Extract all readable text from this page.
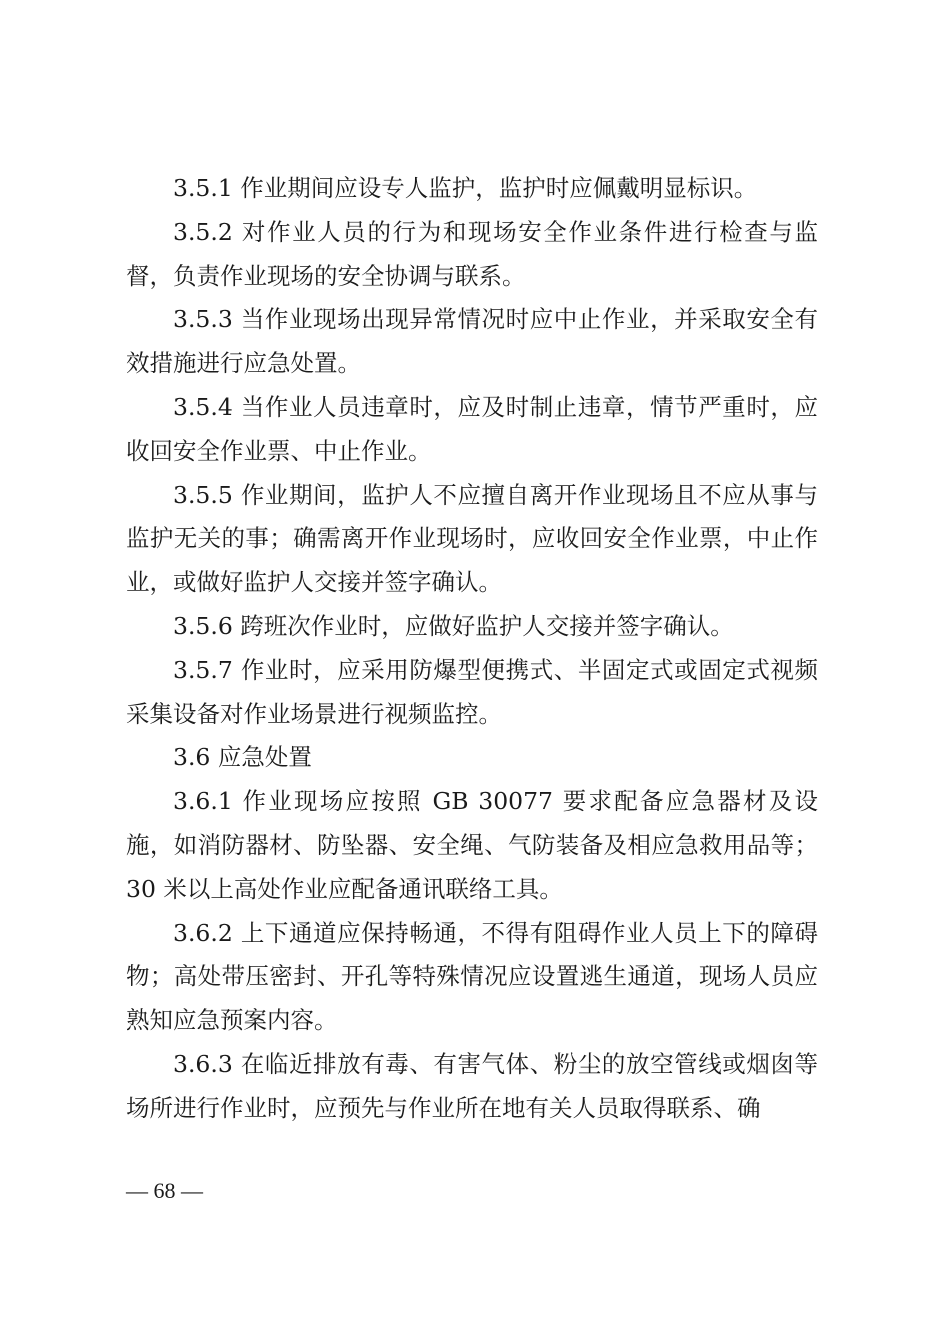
3.5.1 作业期间应设专人监护，监护时应佩戴明显标识。

3.5.2 对作业人员的行为和现场安全作业条件进行检查与监督，负责作业现场的安全协调与联系。

3.5.3 当作业现场出现异常情况时应中止作业，并采取安全有效措施进行应急处置。

3.5.4 当作业人员违章时，应及时制止违章，情节严重时，应收回安全作业票、中止作业。

3.5.5 作业期间，监护人不应擅自离开作业现场且不应从事与监护无关的事；确需离开作业现场时，应收回安全作业票，中止作业，或做好监护人交接并签字确认。

3.5.6 跨班次作业时，应做好监护人交接并签字确认。

3.5.7 作业时，应采用防爆型便携式、半固定式或固定式视频采集设备对作业场景进行视频监控。

3.6 应急处置

3.6.1 作业现场应按照 GB 30077 要求配备应急器材及设施，如消防器材、防坠器、安全绳、气防装备及相应急救用品等；30 米以上高处作业应配备通讯联络工具。

3.6.2 上下通道应保持畅通，不得有阻碍作业人员上下的障碍物；高处带压密封、开孔等特殊情况应设置逃生通道，现场人员应熟知应急预案内容。

3.6.3 在临近排放有毒、有害气体、粉尘的放空管线或烟囱等场所进行作业时，应预先与作业所在地有关人员取得联系、确

— 68 —
